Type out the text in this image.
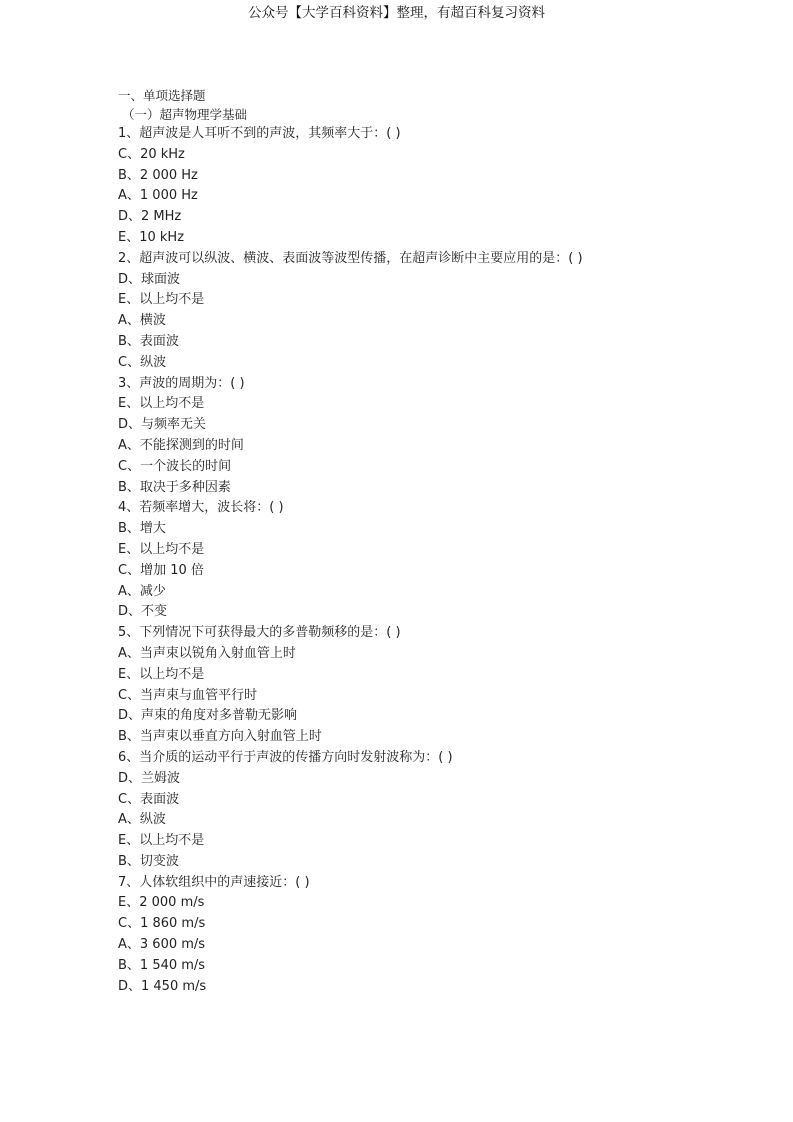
公众号【大学百科资料】整理，有超百科复习资料
一、单项选择题
（一）超声物理学基础
1、超声波是人耳听不到的声波，其频率大于：( )
C、20 kHz
B、2 000 Hz
A、1 000 Hz
D、2 MHz
E、10 kHz
2、超声波可以纵波、横波、表面波等波型传播，在超声诊断中主要应用的是：( )
D、球面波
E、以上均不是
A、横波
B、表面波
C、纵波
3、声波的周期为：( )
E、以上均不是
D、与频率无关
A、不能探测到的时间
C、一个波长的时间
B、取决于多种因素
4、若频率增大，波长将：( )
B、增大
E、以上均不是
C、增加 10 倍
A、减少
D、不变
5、下列情况下可获得最大的多普勒频移的是：( )
A、当声束以锐角入射血管上时
E、以上均不是
C、当声束与血管平行时
D、声束的角度对多普勒无影响
B、当声束以垂直方向入射血管上时
6、当介质的运动平行于声波的传播方向时发射波称为：( )
D、兰姆波
C、表面波
A、纵波
E、以上均不是
B、切变波
7、人体软组织中的声速接近：( )
E、2 000 m/s
C、1 860 m/s
A、3 600 m/s
B、1 540 m/s
D、1 450 m/s
